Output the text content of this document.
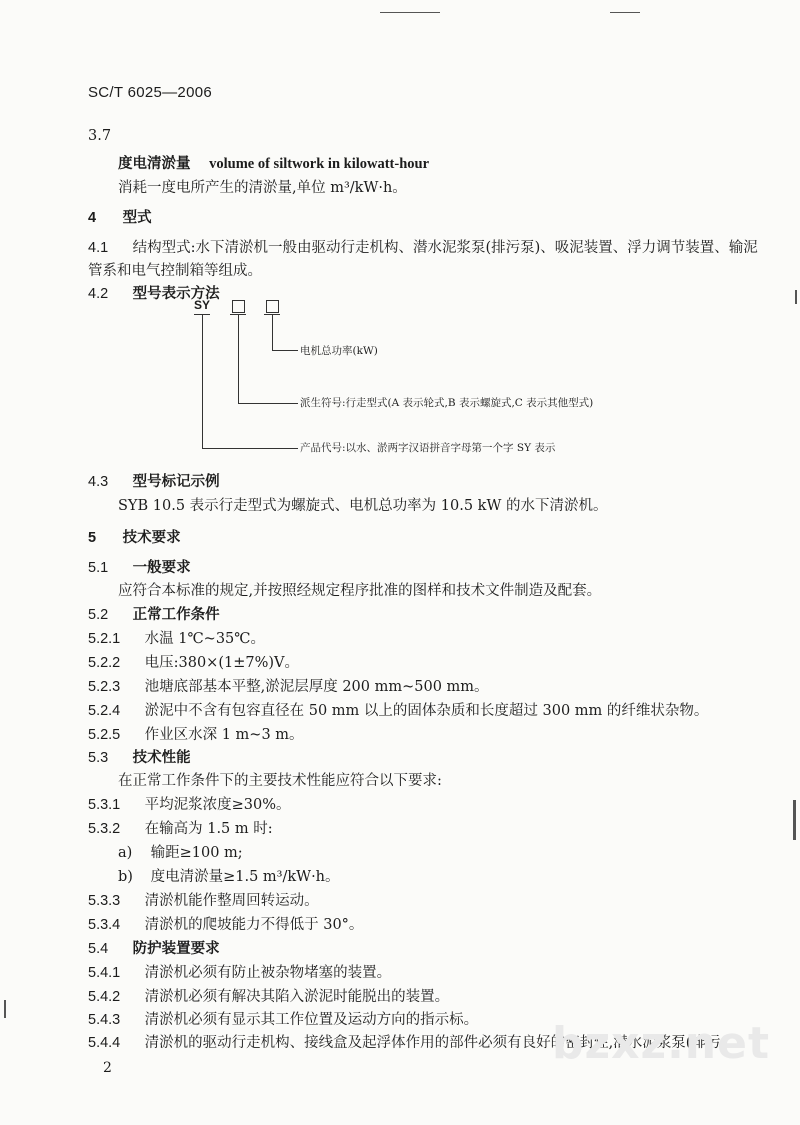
SC/T 6025—2006
3.7
度电清淤量 volume of siltwork in kilowatt-hour
消耗一度电所产生的清淤量,单位 m³/kW·h。
4 型式
4.1 结构型式:水下清淤机一般由驱动行走机构、潜水泥浆泵(排污泵)、吸泥装置、浮力调节装置、输泥
管系和电气控制箱等组成。
4.2 型号表示方法
SY
电机总功率(kW)
派生符号:行走型式(A 表示轮式,B 表示螺旋式,C 表示其他型式)
产品代号:以水、淤两字汉语拼音字母第一个字 SY 表示
4.3 型号标记示例
SYB 10.5 表示行走型式为螺旋式、电机总功率为 10.5 kW 的水下清淤机。
5 技术要求
5.1 一般要求
应符合本标准的规定,并按照经规定程序批准的图样和技术文件制造及配套。
5.2 正常工作条件
5.2.1 水温 1℃~35℃。
5.2.2 电压:380×(1±7%)V。
5.2.3 池塘底部基本平整,淤泥层厚度 200 mm~500 mm。
5.2.4 淤泥中不含有包容直径在 50 mm 以上的固体杂质和长度超过 300 mm 的纤维状杂物。
5.2.5 作业区水深 1 m~3 m。
5.3 技术性能
在正常工作条件下的主要技术性能应符合以下要求:
5.3.1 平均泥浆浓度≥30%。
5.3.2 在输高为 1.5 m 时:
a) 输距≥100 m;
b) 度电清淤量≥1.5 m³/kW·h。
5.3.3 清淤机能作整周回转运动。
5.3.4 清淤机的爬坡能力不得低于 30°。
5.4 防护装置要求
5.4.1 清淤机必须有防止被杂物堵塞的装置。
5.4.2 清淤机必须有解决其陷入淤泥时能脱出的装置。
5.4.3 清淤机必须有显示其工作位置及运动方向的指示标。
5.4.4 清淤机的驱动行走机构、接线盒及起浮体作用的部件必须有良好的密封性,潜水泥浆泵(排污
bzxz.net
2
